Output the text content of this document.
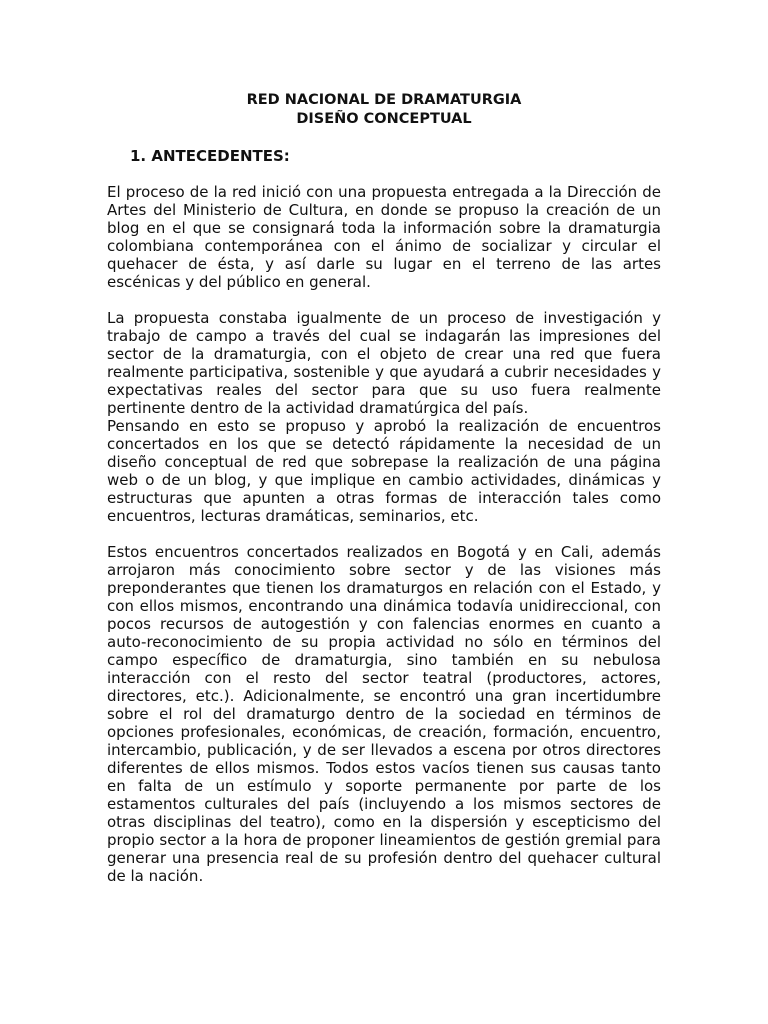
RED NACIONAL DE DRAMATURGIA
DISEÑO CONCEPTUAL
1. ANTECEDENTES:

El proceso de la red inició con una propuesta entregada a la Dirección de Artes del Ministerio de Cultura, en donde se propuso la creación de un blog en el que se consignará toda la información sobre la dramaturgia colombiana contemporánea con el ánimo de socializar y circular el quehacer de ésta, y así darle su lugar en el terreno de las artes escénicas y del público en general.

La propuesta constaba igualmente de un proceso de investigación y trabajo de campo a través del cual se indagarán las impresiones del sector de la dramaturgia, con el objeto de crear una red que fuera realmente participativa, sostenible y que ayudará a cubrir necesidades y expectativas reales del sector para que su uso fuera realmente pertinente dentro de la actividad dramatúrgica del país.

Pensando en esto se propuso y aprobó la realización de encuentros concertados en los que se detectó rápidamente la necesidad de un diseño conceptual de red que sobrepase la realización de una página web o de un blog, y que implique en cambio actividades, dinámicas y estructuras que apunten a otras formas de interacción tales como encuentros, lecturas dramáticas, seminarios, etc.

Estos encuentros concertados realizados en Bogotá y en Cali, además arrojaron más conocimiento sobre sector y de las visiones más preponderantes que tienen los dramaturgos en relación con el Estado, y con ellos mismos, encontrando una dinámica todavía unidireccional, con pocos recursos de autogestión y con falencias enormes en cuanto a auto-reconocimiento de su propia actividad no sólo en términos del campo específico de dramaturgia, sino también en su nebulosa interacción con el resto del sector teatral (productores, actores, directores, etc.). Adicionalmente, se encontró una gran incertidumbre sobre el rol del dramaturgo dentro de la sociedad en términos de opciones profesionales, económicas, de creación, formación, encuentro, intercambio, publicación, y de ser llevados a escena por otros directores diferentes de ellos mismos. Todos estos vacíos tienen sus causas tanto en falta de un estímulo y soporte permanente por parte de los estamentos culturales del país (incluyendo a los mismos sectores de otras disciplinas del teatro), como en la dispersión y escepticismo del propio sector a la hora de proponer lineamientos de gestión gremial para generar una presencia real de su profesión dentro del quehacer cultural de la nación.
